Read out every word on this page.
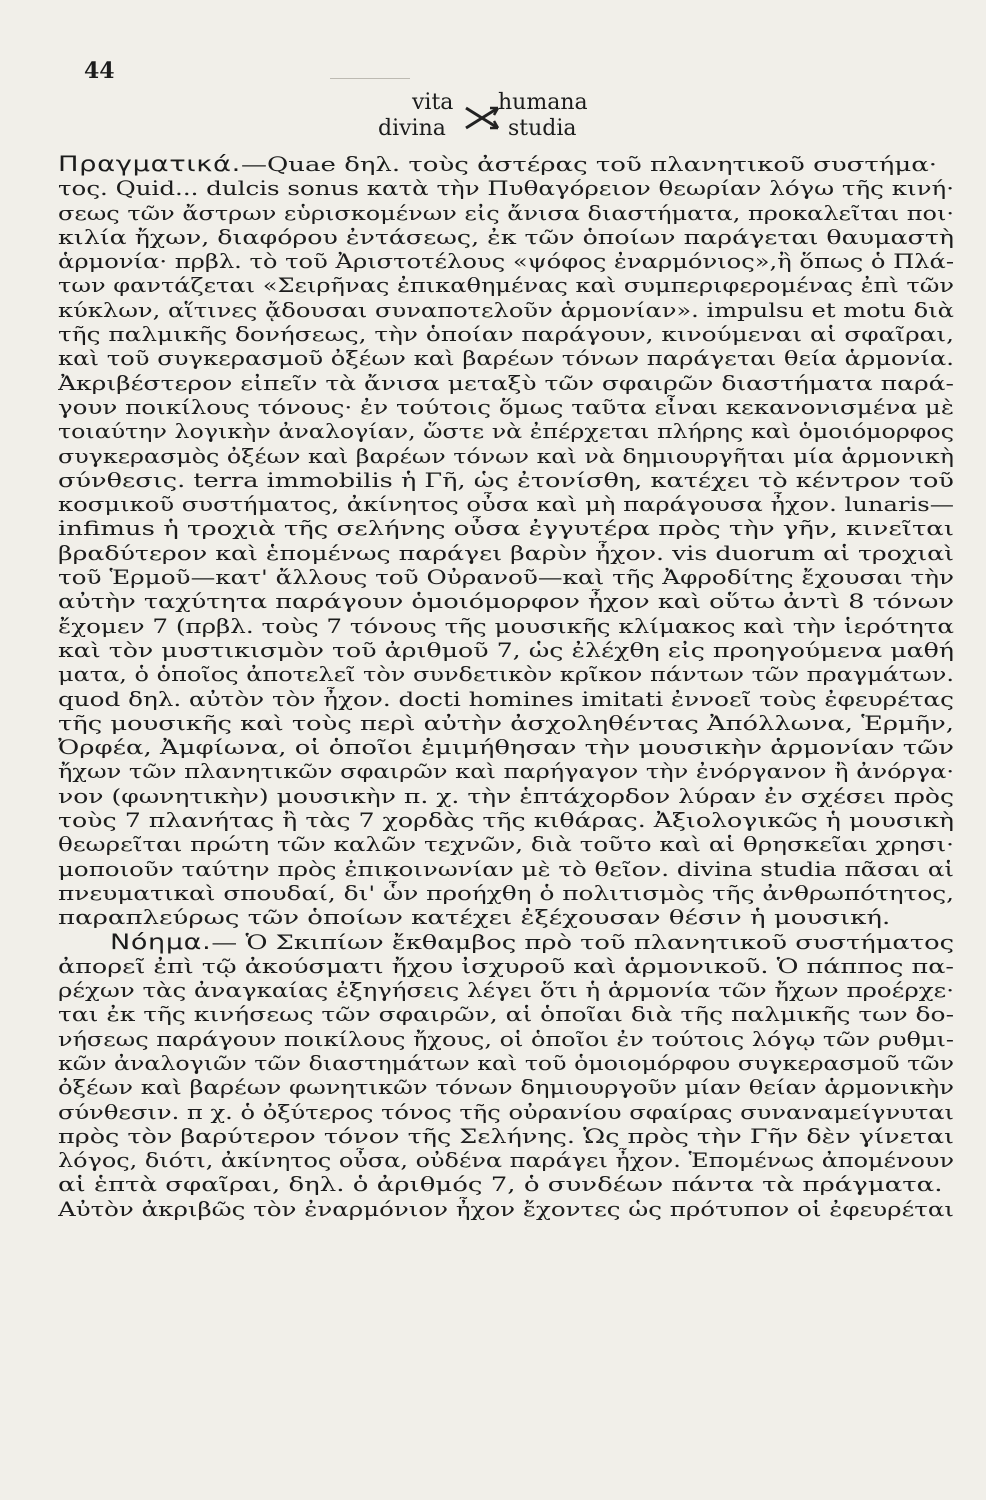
44
vita
divina
humana
studia
Πραγματικά.—Quae δηλ. τοὺς ἀστέρας τοῦ πλανητικοῦ συστήμα·
τος. Quid... dulcis sonus κατὰ τὴν Πυθαγόρειον θεωρίαν λόγω τῆς κινή·
σεως τῶν ἄστρων εὑρισκομένων εἰς ἄνισα διαστήματα, προκαλεῖται ποι·
κιλία ἤχων, διαφόρου ἐντάσεως, ἐκ τῶν ὁποίων παράγεται θαυμαστὴ
ἁρμονία· πρβλ. τὸ τοῦ Ἀριστοτέλους «ψόφος ἐναρμόνιος»,ἢ ὅπως ὁ Πλά-
των φαντάζεται «Σειρῆνας ἐπικαθημένας καὶ συμπεριφερομένας ἐπὶ τῶν
κύκλων, αἵτινες ᾄδουσαι συναποτελοῦν ἁρμονίαν». impulsu et motu διὰ
τῆς παλμικῆς δονήσεως, τὴν ὁποίαν παράγουν, κινούμεναι αἱ σφαῖραι,
καὶ τοῦ συγκερασμοῦ ὀξέων καὶ βαρέων τόνων παράγεται θεία ἁρμονία.
Ἀκριβέστερον εἰπεῖν τὰ ἄνισα μεταξὺ τῶν σφαιρῶν διαστήματα παρά-
γουν ποικίλους τόνους· ἐν τούτοις ὅμως ταῦτα εἶναι κεκανονισμένα μὲ
τοιαύτην λογικὴν ἀναλογίαν, ὥστε νὰ ἐπέρχεται πλήρης καὶ ὁμοιόμορφος
συγκερασμὸς ὀξέων καὶ βαρέων τόνων καὶ νὰ δημιουργῆται μία ἁρμονικὴ
σύνθεσις. terra immobilis ἡ Γῆ, ὡς ἐτονίσθη, κατέχει τὸ κέντρον τοῦ
κοσμικοῦ συστήματος, ἀκίνητος οὖσα καὶ μὴ παράγουσα ἦχον. lunaris—
infimus ἡ τροχιὰ τῆς σελήνης οὖσα ἐγγυτέρα πρὸς τὴν γῆν, κινεῖται
βραδύτερον καὶ ἑπομένως παράγει βαρὺν ἦχον. vis duorum αἱ τροχιαὶ
τοῦ Ἑρμοῦ—κατ' ἄλλους τοῦ Οὐρανοῦ—καὶ τῆς Ἀφροδίτης ἔχουσαι τὴν
αὐτὴν ταχύτητα παράγουν ὁμοιόμορφον ἦχον καὶ οὕτω ἀντὶ 8 τόνων
ἔχομεν 7 (πρβλ. τοὺς 7 τόνους τῆς μουσικῆς κλίμακος καὶ τὴν ἱερότητα
καὶ τὸν μυστικισμὸν τοῦ ἀριθμοῦ 7, ὡς ἐλέχθη εἰς προηγούμενα μαθή
ματα, ὁ ὁποῖος ἀποτελεῖ τὸν συνδετικὸν κρῖκον πάντων τῶν πραγμάτων.
quod δηλ. αὐτὸν τὸν ἦχον. docti homines imitati ἐννοεῖ τοὺς ἐφευρέτας
τῆς μουσικῆς καὶ τοὺς περὶ αὐτὴν ἀσχοληθέντας Ἀπόλλωνα, Ἑρμῆν,
Ὀρφέα, Ἀμφίωνα, οἱ ὁποῖοι ἐμιμήθησαν τὴν μουσικὴν ἁρμονίαν τῶν
ἤχων τῶν πλανητικῶν σφαιρῶν καὶ παρήγαγον τὴν ἐνόργανον ἢ ἀνόργα·
νον (φωνητικὴν) μουσικὴν π. χ. τὴν ἑπτάχορδον λύραν ἐν σχέσει πρὸς
τοὺς 7 πλανήτας ἢ τὰς 7 χορδὰς τῆς κιθάρας. Ἀξιολογικῶς ἡ μουσικὴ
θεωρεῖται πρώτη τῶν καλῶν τεχνῶν, διὰ τοῦτο καὶ αἱ θρησκεῖαι χρησι·
μοποιοῦν ταύτην πρὸς ἐπικοινωνίαν μὲ τὸ θεῖον. divina studia πᾶσαι αἱ
πνευματικαὶ σπουδαί, δι' ὧν προήχθη ὁ πολιτισμὸς τῆς ἀνθρωπότητος,
παραπλεύρως τῶν ὁποίων κατέχει ἐξέχουσαν θέσιν ἡ μουσική.
Νόημα.— Ὁ Σκιπίων ἔκθαμβος πρὸ τοῦ πλανητικοῦ συστήματος
ἀπορεῖ ἐπὶ τῷ ἀκούσματι ἤχου ἰσχυροῦ καὶ ἁρμονικοῦ. Ὁ πάππος πα-
ρέχων τὰς ἀναγκαίας ἐξηγήσεις λέγει ὅτι ἡ ἁρμονία τῶν ἤχων προέρχε·
ται ἐκ τῆς κινήσεως τῶν σφαιρῶν, αἱ ὁποῖαι διὰ τῆς παλμικῆς των δο-
νήσεως παράγουν ποικίλους ἤχους, οἱ ὁποῖοι ἐν τούτοις λόγῳ τῶν ρυθμι-
κῶν ἀναλογιῶν τῶν διαστημάτων καὶ τοῦ ὁμοιομόρφου συγκερασμοῦ τῶν
ὀξέων καὶ βαρέων φωνητικῶν τόνων δημιουργοῦν μίαν θείαν ἁρμονικὴν
σύνθεσιν. π χ. ὁ ὀξύτερος τόνος τῆς οὐρανίου σφαίρας συναναμείγνυται
πρὸς τὸν βαρύτερον τόνον τῆς Σελήνης. Ὡς πρὸς τὴν Γῆν δὲν γίνεται
λόγος, διότι, ἀκίνητος οὖσα, οὐδένα παράγει ἦχον. Ἑπομένως ἀπομένουν
αἱ ἑπτὰ σφαῖραι, δηλ. ὁ ἀριθμός 7, ὁ συνδέων πάντα τὰ πράγματα.
Αὐτὸν ἀκριβῶς τὸν ἐναρμόνιον ἦχον ἔχοντες ὡς πρότυπον οἱ ἐφευρέται
